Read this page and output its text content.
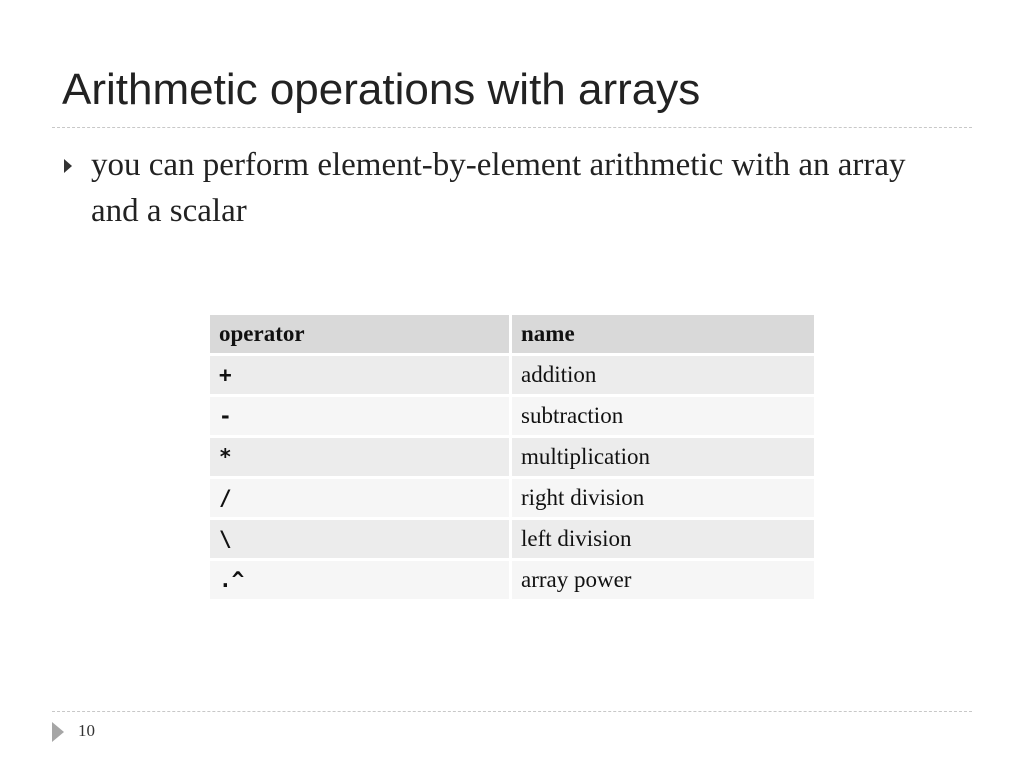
Arithmetic operations with arrays
you can perform element-by-element arithmetic with an array and a scalar
operator	name
+	addition
-	subtraction
*	multiplication
/	right division
\	left division
.^	array power
10
